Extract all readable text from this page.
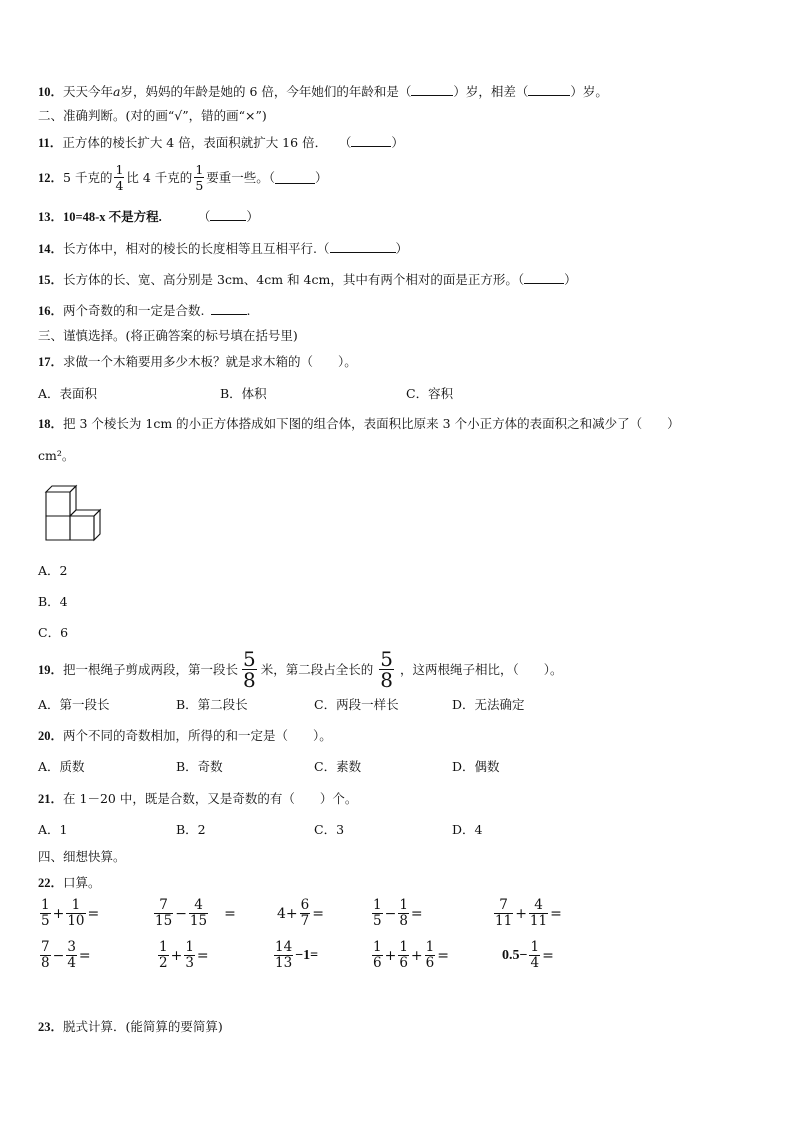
10．天天今年a岁，妈妈的年龄是她的 6 倍，今年她们的年龄和是（	）岁，相差（	）岁。
二、准确判断。(对的画“√”，错的画“×”)
11．正方体的棱长扩大 4 倍，表面积就扩大 16 倍． （	）
12． 5 千克的 $\frac{1}{4}$ 比 4 千克的 $\frac{1}{5}$ 要重一些。（	）
13．10=48-x 不是方程.	（	）
14．长方体中，相对的棱长的长度相等且互相平行.（	）
15．长方体的长、宽、高分别是 3cm、4cm 和 4cm，其中有两个相对的面是正方形。（	）
16．两个奇数的和一定是合数.	.
三、谨慎选择。(将正确答案的标号填在括号里)
17．求做一个木箱要用多少木板？就是求木箱的（　　）。
A．表面积	B．体积	C．容积
18．把 3 个棱长为 1cm 的小正方体搭成如下图的组合体，表面积比原来 3 个小正方体的表面积之和减少了（　　）
cm²。
A．2
B．4
C．6
19． 把一根绳子剪成两段，第一段长 $\frac{5}{8}$ 米，第二段占全长的 $\frac{5}{8}$ ，这两根绳子相比，（　　）。
A．第一段长	B．第二段长	C．两段一样长	D．无法确定
20．两个不同的奇数相加，所得的和一定是（　　）。
A．质数	B．奇数	C．素数	D．偶数
21．在 1－20 中，既是合数，又是奇数的有（　　）个。
A．1	B．2	C．3	D．4
四、细想快算。
22．口算。
$\frac{1}{5} + \frac{1}{10}$ =	$\frac{7}{15} - \frac{4}{15}$ =	$4+ \frac{6}{7}$ =	$\frac{1}{5} - \frac{1}{8}$ =	$\frac{7}{11} + \frac{4}{11}$ =
$\frac{7}{8} - \frac{3}{4}$ =	$\frac{1}{2} + \frac{1}{3}$ =	$\frac{14}{13} -1=$	$\frac{1}{6} + \frac{1}{6} + \frac{1}{6}$ =	$0.5- \frac{1}{4}$ =
23．脱式计算．(能简算的要简算)
